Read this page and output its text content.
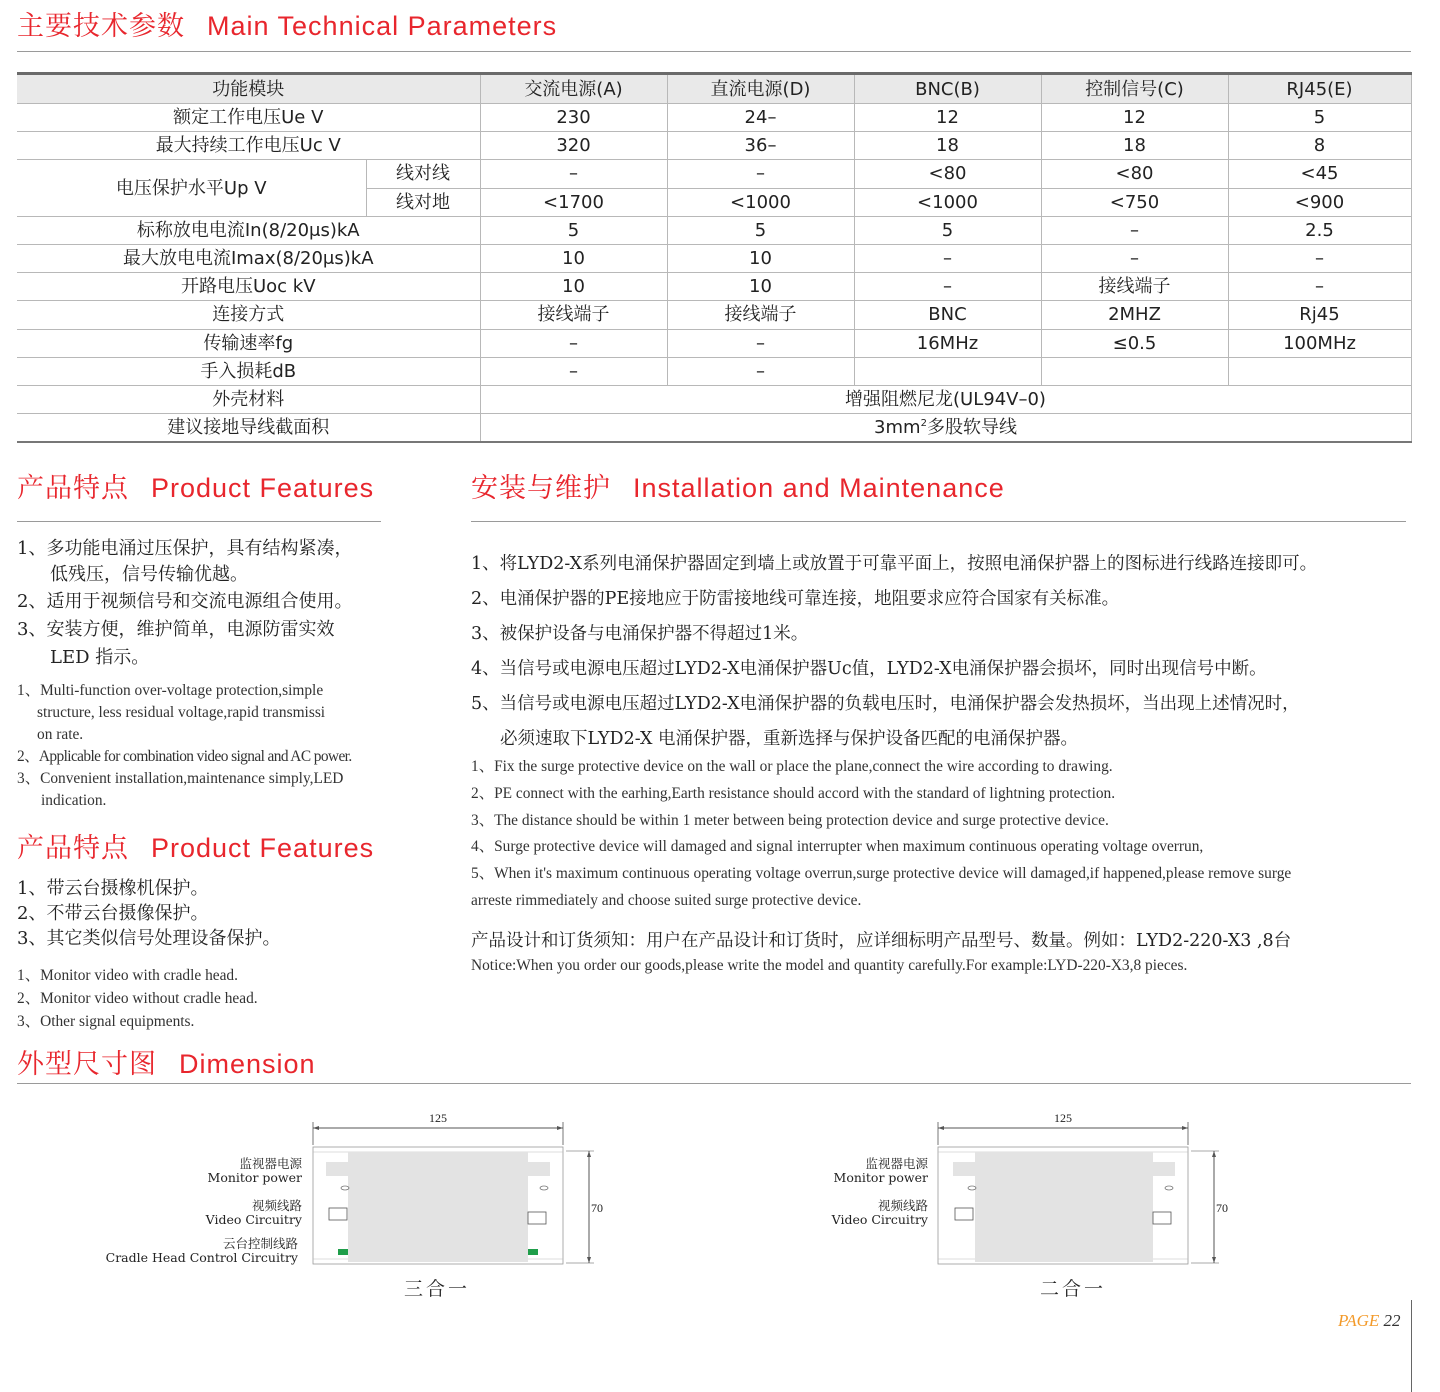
主要技术参数 Main Technical Parameters
功能模块		交流电源(A)	直流电源(D)	BNC(B)	控制信号(C)	RJ45(E)
额定工作电压Ue V		230	24–	12	12	5
最大持续工作电压Uc V		320	36–	18	18	8
电压保护水平Up V	线对线	–	–	<80	<80	<45
	线对地	<1700	<1000	<1000	<750	<900
标称放电电流In(8/20μs)kA		5	5	5	–	2.5
最大放电电流Imax(8/20μs)kA		10	10	–	–	–
开路电压Uoc kV		10	10	–	接线端子	–
连接方式		接线端子	接线端子	BNC	2MHZ	Rj45
传输速率fg		–	–	16MHz	≤0.5	100MHz
手入损耗dB		–	–			
外壳材料		增强阻燃尼龙(UL94V–0)				
建议接地导线截面积		$3mm^2$多股软导线				
产品特点 Product Features
1、多功能电涌过压保护，具有结构紧凑，
低残压，信号传输优越。
2、适用于视频信号和交流电源组合使用。
3、安装方便，维护简单，电源防雷实效
LED 指示。
1、Multi-function over-voltage protection,simple
structure, less residual voltage,rapid transmissi
on rate.
2、Applicable for combination video signal and AC power.
3、Convenient installation,maintenance simply,LED
indication.
产品特点 Product Features
1、带云台摄橡机保护。
2、不带云台摄像保护。
3、其它类似信号处理设备保护。
1、Monitor video with cradle head.
2、Monitor video without cradle head.
3、Other signal equipments.
安装与维护 Installation and Maintenance
1、将LYD2-X系列电涌保护器固定到墙上或放置于可靠平面上，按照电涌保护器上的图标进行线路连接即可。
2、电涌保护器的PE接地应于防雷接地线可靠连接，地阻要求应符合国家有关标准。
3、被保护设备与电涌保护器不得超过1米。
4、当信号或电源电压超过LYD2-X电涌保护器Uc值，LYD2-X电涌保护器会损坏，同时出现信号中断。
5、当信号或电源电压超过LYD2-X电涌保护器的负载电压时，电涌保护器会发热损坏，当出现上述情况时，
必须速取下LYD2-X 电涌保护器，重新选择与保护设备匹配的电涌保护器。
1、Fix the surge protective device on the wall or place the plane,connect the wire according to drawing.
2、PE connect with the earhing,Earth resistance should accord with the standard of lightning protection.
3、The distance should be within 1 meter between being protection device and surge protective device.
4、Surge protective device will damaged and signal interrupter when maximum continuous operating voltage overrun,
5、When it's maximum continuous operating voltage overrun,surge protective device will damaged,if happened,please remove surge
arreste rimmediately and choose suited surge protective device.
产品设计和订货须知：用户在产品设计和订货时，应详细标明产品型号、数量。例如：LYD2-220-X3 ,8台
Notice:When you order our goods,please write the model and quantity carefully.For example:LYD-220-X3,8 pieces.
外型尺寸图 Dimension
监视器电源
Monitor power
视频线路
Video Circuitry
云台控制线路
Cradle Head Control Circuitry
125
70
三合一
监视器电源
Monitor power
视频线路
Video Circuitry
125
70
二合一
PAGE 22
